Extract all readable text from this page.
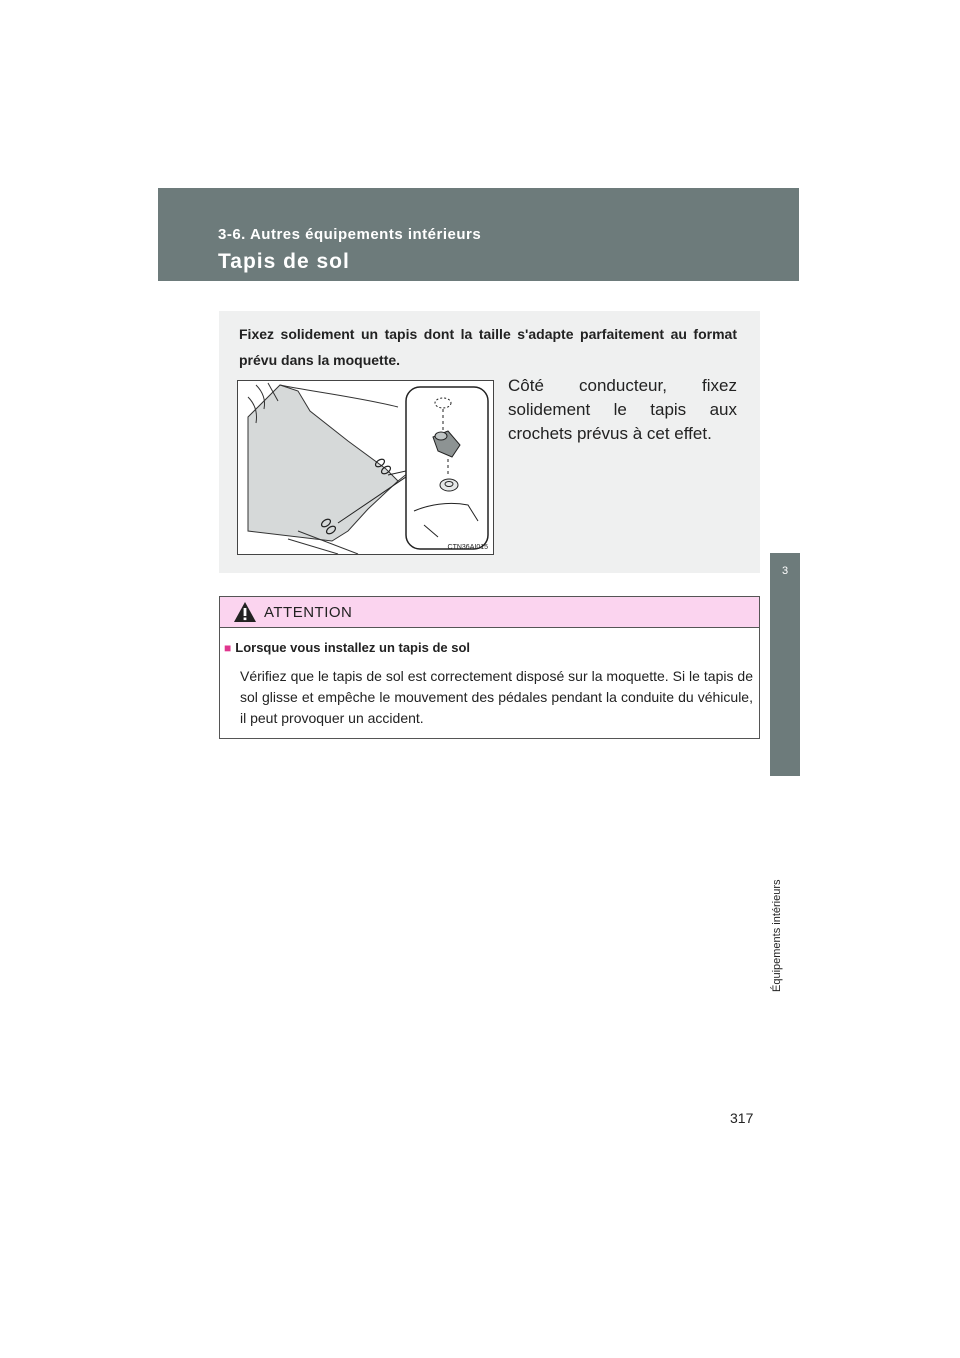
3-6. Autres équipements intérieurs
Tapis de sol
3
Équipements intérieurs
Fixez solidement un tapis dont la taille s'adapte parfaitement au format prévu dans la moquette.
CTN36AI015
Côté conducteur, fixez solidement le tapis aux crochets prévus à cet effet.
ATTENTION
■ Lorsque vous installez un tapis de sol
Vérifiez que le tapis de sol est correctement disposé sur la moquette. Si le tapis de sol glisse et empêche le mouvement des pédales pendant la conduite du véhicule, il peut provoquer un accident.
317
